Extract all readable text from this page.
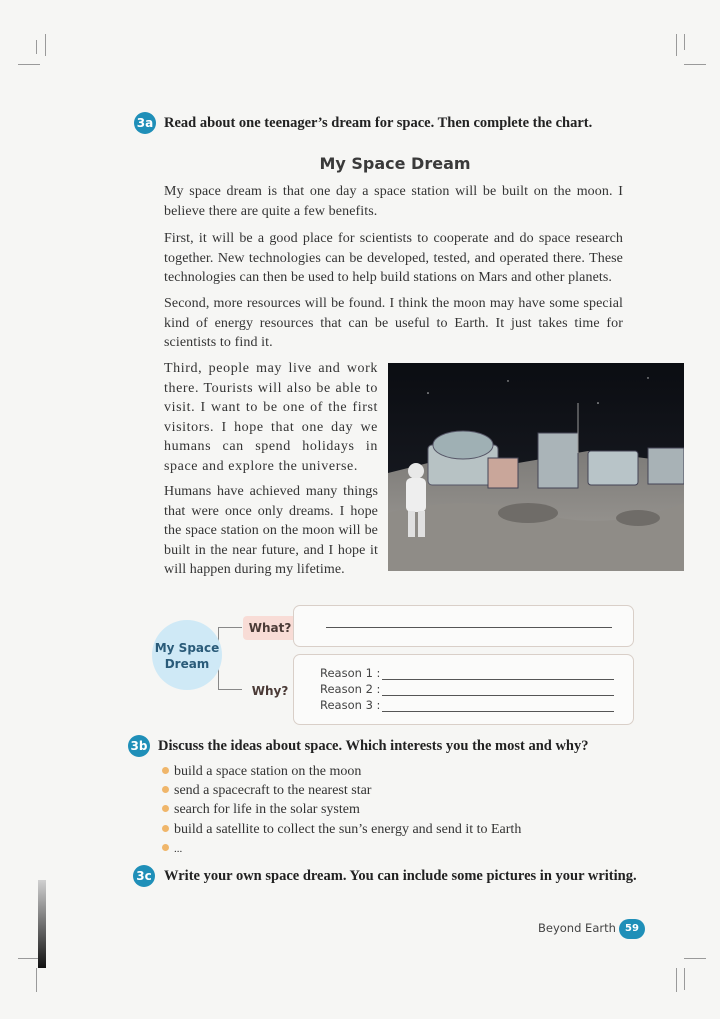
3a Read about one teenager’s dream for space. Then complete the chart.
My Space Dream
My space dream is that one day a space station will be built on the moon. I believe there are quite a few benefits.
First, it will be a good place for scientists to cooperate and do space research together. New technologies can be developed, tested, and operated there. These technologies can then be used to help build stations on Mars and other planets.
Second, more resources will be found. I think the moon may have some special kind of energy resources that can be useful to Earth. It just takes time for scientists to find it.
Third, people may live and work there. Tourists will also be able to visit. I want to be one of the first visitors. I hope that one day we humans can spend holidays in space and explore the universe.
Humans have achieved many things that were once only dreams. I hope the space station on the moon will be built in the near future, and I hope it will happen during my lifetime.
My Space
Dream
What?
Why?
Reason 1 :
Reason 2 :
Reason 3 :
3b Discuss the ideas about space. Which interests you the most and why?
build a space station on the moon
send a spacecraft to the nearest star
search for life in the solar system
build a satellite to collect the sun’s energy and send it to Earth
...
3c Write your own space dream. You can include some pictures in your writing.
Beyond Earth 59
